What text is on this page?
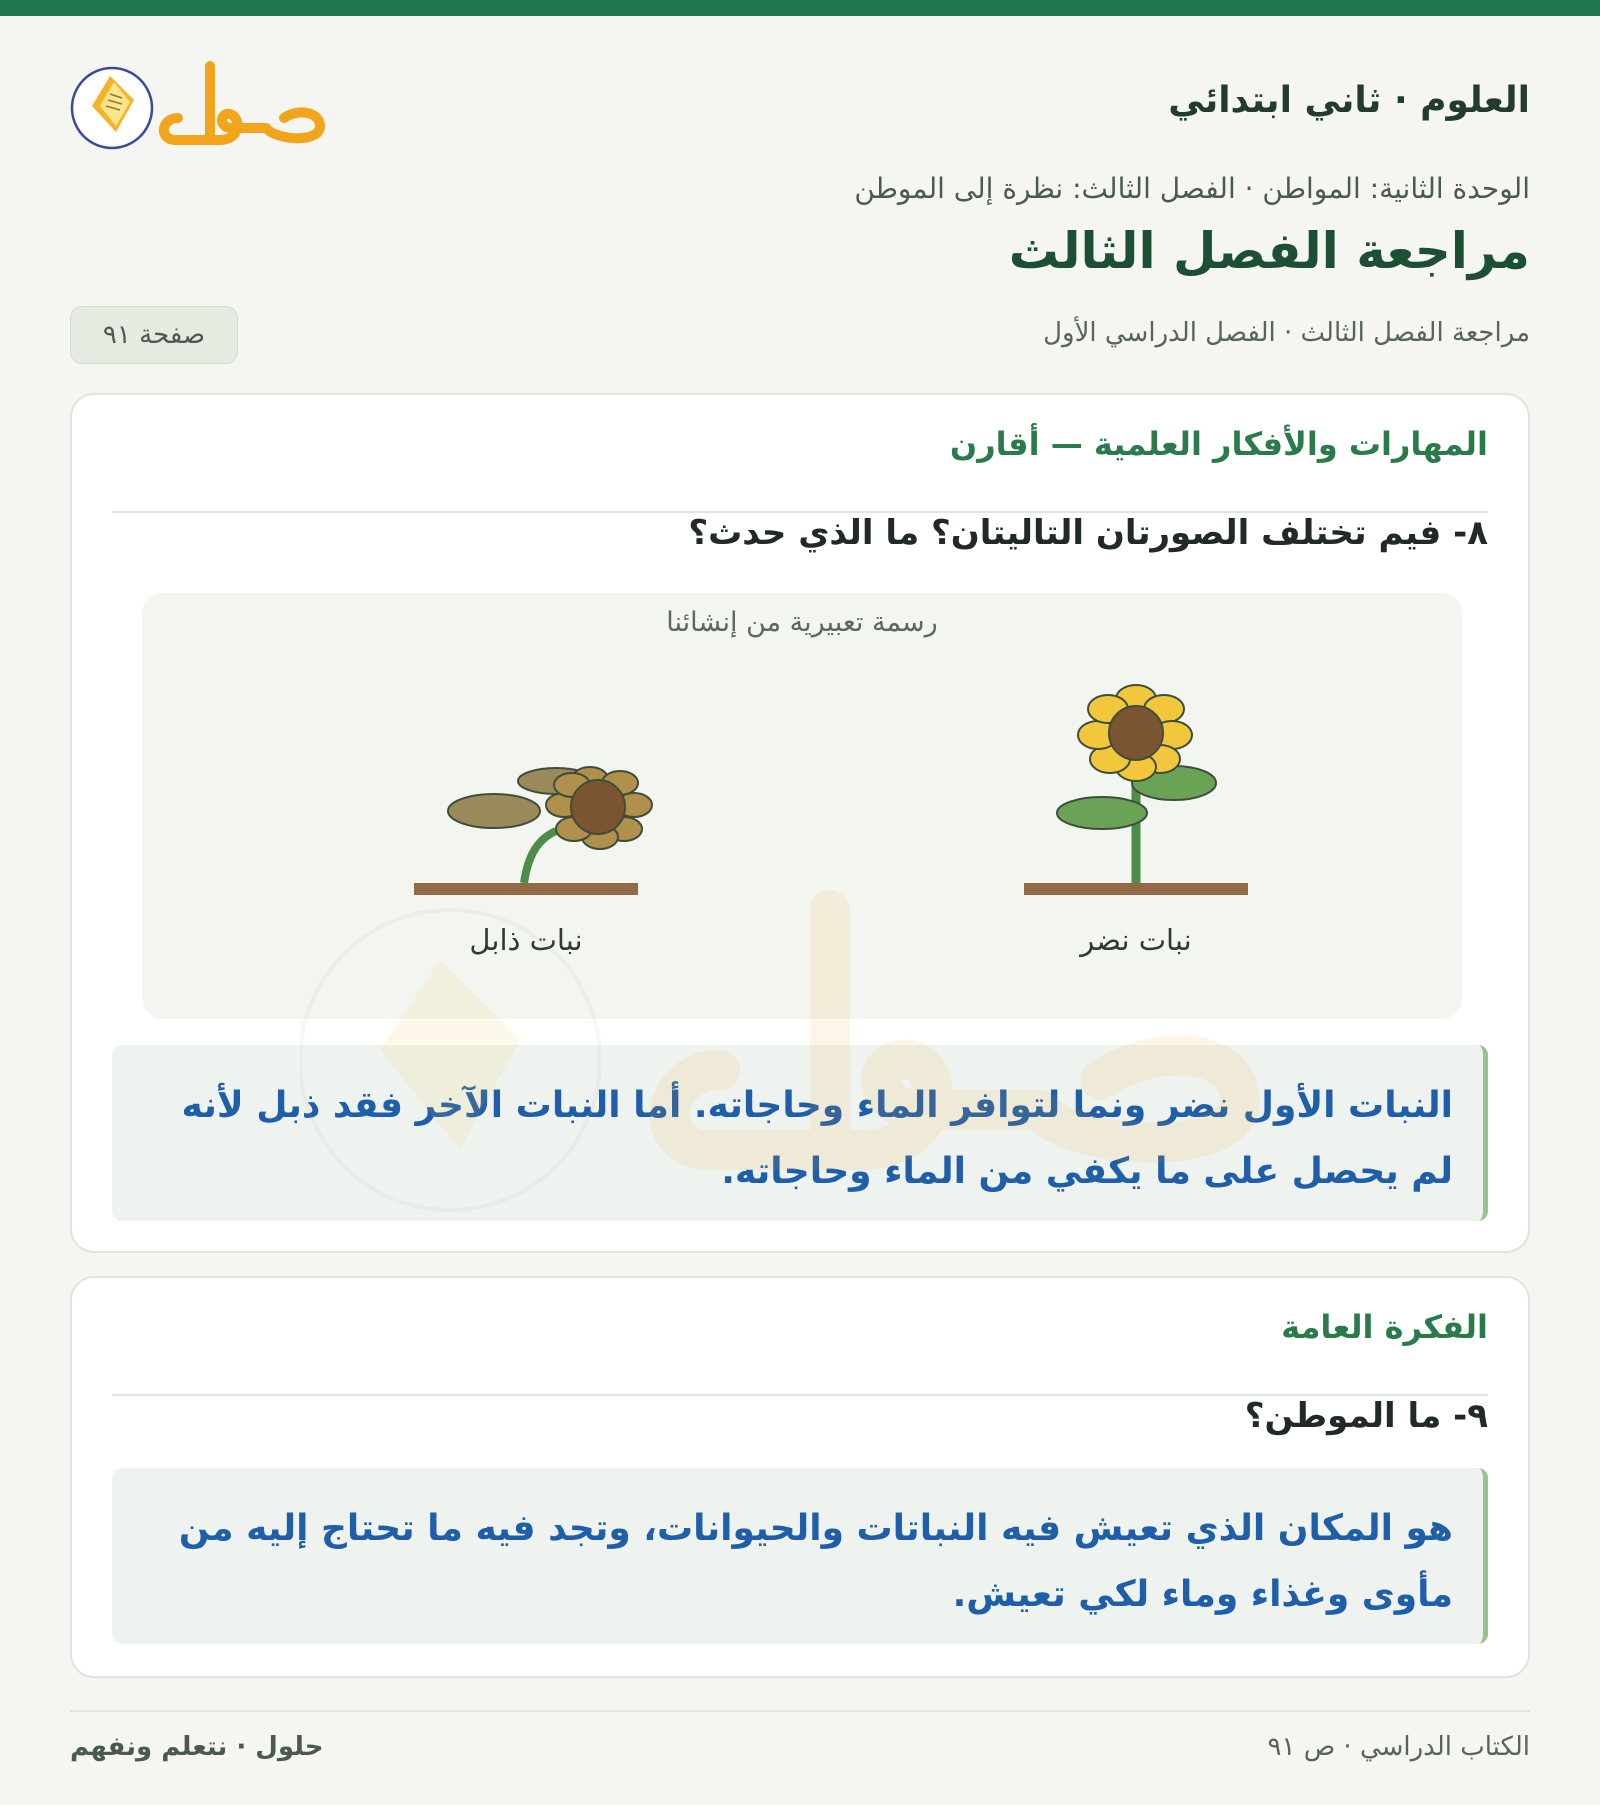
العلوم · ثاني ابتدائي
الوحدة الثانية: المواطن · الفصل الثالث: نظرة إلى الموطن
مراجعة الفصل الثالث
مراجعة الفصل الثالث · الفصل الدراسي الأول
صفحة ٩١
المهارات والأفكار العلمية — أقارن
٨- فيم تختلف الصورتان التاليتان؟ ما الذي حدث؟
رسمة تعبيرية من إنشائنا
نبات نضر
نبات ذابل
النبات الأول نضر ونما لتوافر الماء وحاجاته. أما النبات الآخر فقد ذبل لأنه لم يحصل على ما يكفي من الماء وحاجاته.
الفكرة العامة
٩- ما الموطن؟
هو المكان الذي تعيش فيه النباتات والحيوانات، وتجد فيه ما تحتاج إليه من مأوى وغذاء وماء لكي تعيش.
الكتاب الدراسي · ص ٩١
حلول · نتعلم ونفهم
